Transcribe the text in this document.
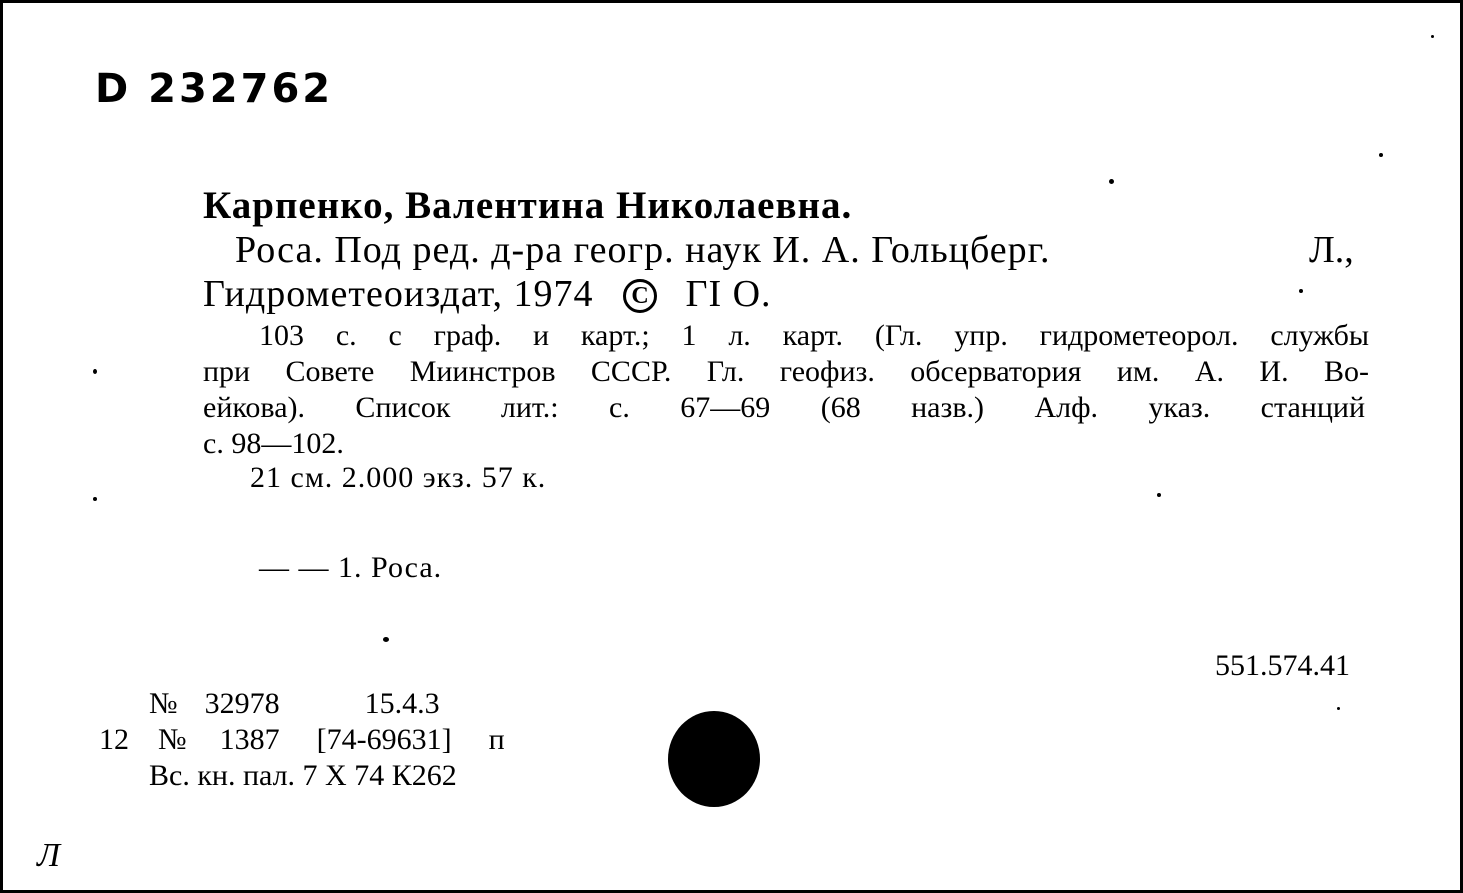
D 232762
Карпенко, Валентина Николаевна.
Роса. Под ред. д-ра геогр. наук И. А. Гольцберг.	Л.,
Гидрометеоиздат, 1974 C ГI О.
103 с. с граф. и карт.; 1 л. карт. (Гл. упр. гидрометеорол. службы
при Совете Миинстров СССР. Гл. геофиз. обсерватория им. А. И. Во-
ейкова). Список лит.: с. 67—69 (68 назв.) Алф. указ. станций
с. 98—102.
21 см. 2.000 экз. 57 к.
— — 1. Роса.
551.574.41
№ 32978	15.4.3
12 № 1387 [74-69631] п
Вс. кн. пал. 7 X 74 К262
Л
